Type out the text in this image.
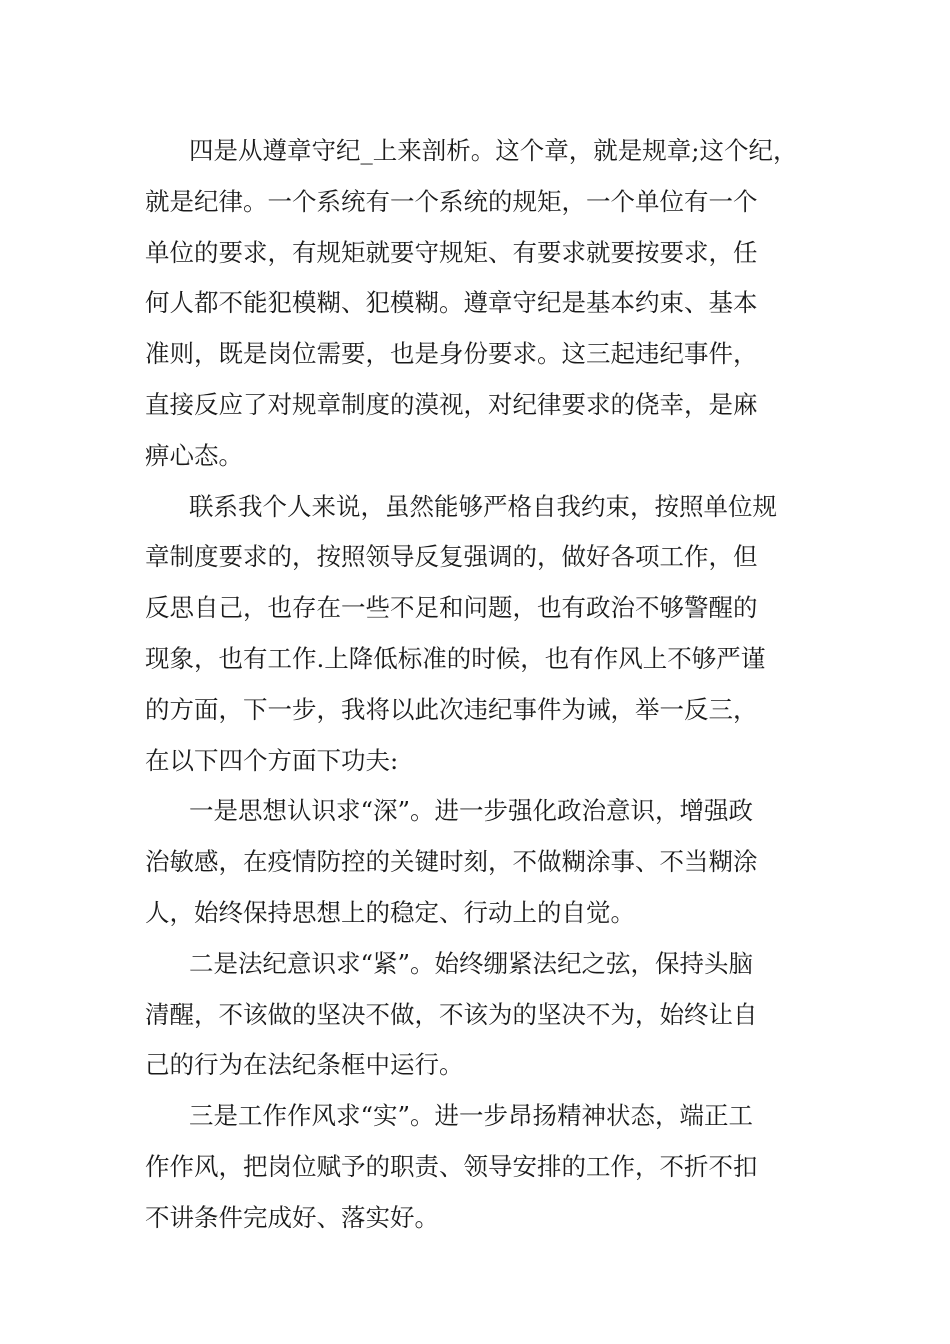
四是从遵章守纪_上来剖析。这个章，就是规章;这个纪，
就是纪律。一个系统有一个系统的规矩，一个单位有一个
单位的要求，有规矩就要守规矩、有要求就要按要求，任
何人都不能犯模糊、犯模糊。遵章守纪是基本约束、基本
准则，既是岗位需要，也是身份要求。这三起违纪事件，
直接反应了对规章制度的漠视，对纪律要求的侥幸，是麻
痹心态。
联系我个人来说，虽然能够严格自我约束，按照单位规
章制度要求的，按照领导反复强调的，做好各项工作，但
反思自己，也存在一些不足和问题，也有政治不够警醒的
现象，也有工作.上降低标准的时候，也有作风上不够严谨
的方面，下一步，我将以此次违纪事件为诫，举一反三，
在以下四个方面下功夫:
一是思想认识求“深”。进一步强化政治意识，增强政
治敏感，在疫情防控的关键时刻，不做糊涂事、不当糊涂
人，始终保持思想上的稳定、行动上的自觉。
二是法纪意识求“紧”。始终绷紧法纪之弦，保持头脑
清醒，不该做的坚决不做，不该为的坚决不为，始终让自
己的行为在法纪条框中运行。
三是工作作风求“实”。进一步昂扬精神状态，端正工
作作风，把岗位赋予的职责、领导安排的工作，不折不扣
不讲条件完成好、落实好。
